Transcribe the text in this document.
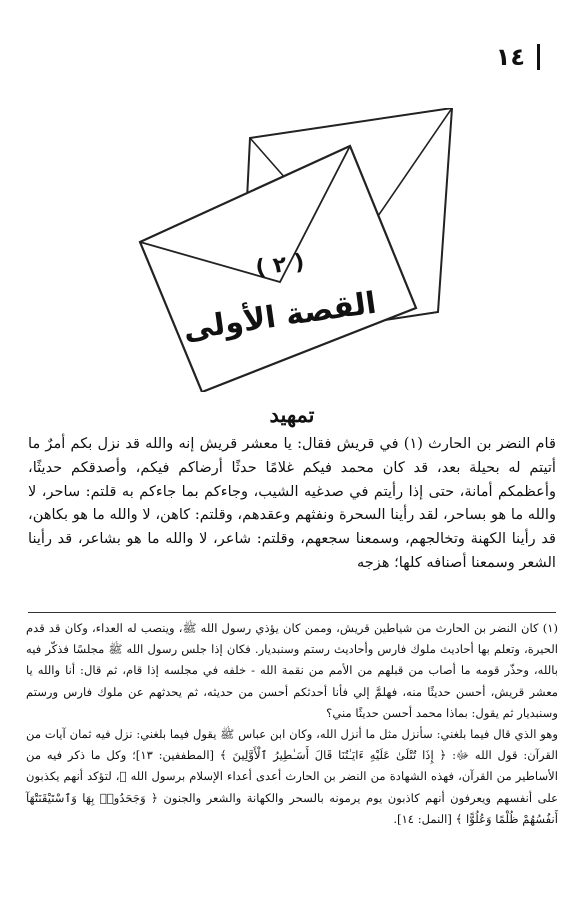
١٤
( ٢ )
القصة الأولى
تمهيد

قام النضر بن الحارث (١) في قريش فقال: يا معشر قريش إنه والله قد نزل بكم أمرٌ ما أتيتم له بحيلة بعد، قد كان محمد فيكم غلامًا حدثًا أرضاكم فيكم، وأصدقكم حديثًا، وأعظمكم أمانة، حتى إذا رأيتم في صدغيه الشيب، وجاءكم بما جاءكم به قلتم: ساحر، لا والله ما هو بساحر، لقد رأينا السحرة ونفثهم وعقدهم، وقلتم: كاهن، لا والله ما هو بكاهن، قد رأينا الكهنة وتخالجهم، وسمعنا سجعهم، وقلتم: شاعر، لا والله ما هو بشاعر، قد رأينا الشعر وسمعنا أصنافه كلها؛ هزجه

(١) كان النضر بن الحارث من شياطين قريش، وممن كان يؤذي رسول الله ﷺ، وينصب له العداء، وكان قد قدم الحيرة، وتعلم بها أحاديث ملوك فارس وأحاديث رستم وسنبديار. فكان إذا جلس رسول الله ﷺ مجلسًا فذكّر فيه بالله، وحذّر قومه ما أصاب من قبلهم من الأمم من نقمة الله - خلفه في مجلسه إذا قام، ثم قال: أنا والله يا معشر قريش، أحسن حديثًا منه، فهلمَّ إلي فأنا أحدثكم أحسن من حديثه، ثم يحدثهم عن ملوك فارس ورستم وسنبديار ثم يقول: بماذا محمد أحسن حديثًا مني؟

وهو الذي قال فيما بلغني: سأنزل مثل ما أنزل الله، وكان ابن عباس ﷺ يقول فيما بلغني: نزل فيه ثمان آيات من القرآن: قول الله ﷻ: ﴿ إِذَا تُتْلَىٰ عَلَيْهِ ءَايَـٰتُنَا قَالَ أَسَـٰطِيرُ ٱلْأَوَّلِينَ ﴾ [المطففين: ١٣]؛ وكل ما ذكر فيه من الأساطير من القرآن، فهذه الشهادة من النضر بن الحارث أعدى أعداء الإسلام برسول الله ﷺ، لتؤكد أنهم يكذبون على أنفسهم ويعرفون أنهم كاذبون يوم يرمونه بالسحر والكهانة والشعر والجنون ﴿ وَجَحَدُوا۟ بِهَا وَٱسْتَيْقَنَتْهَآ أَنفُسُهُمْ ظُلْمًا وَعُلُوًّا ﴾ [النمل: ١٤].
